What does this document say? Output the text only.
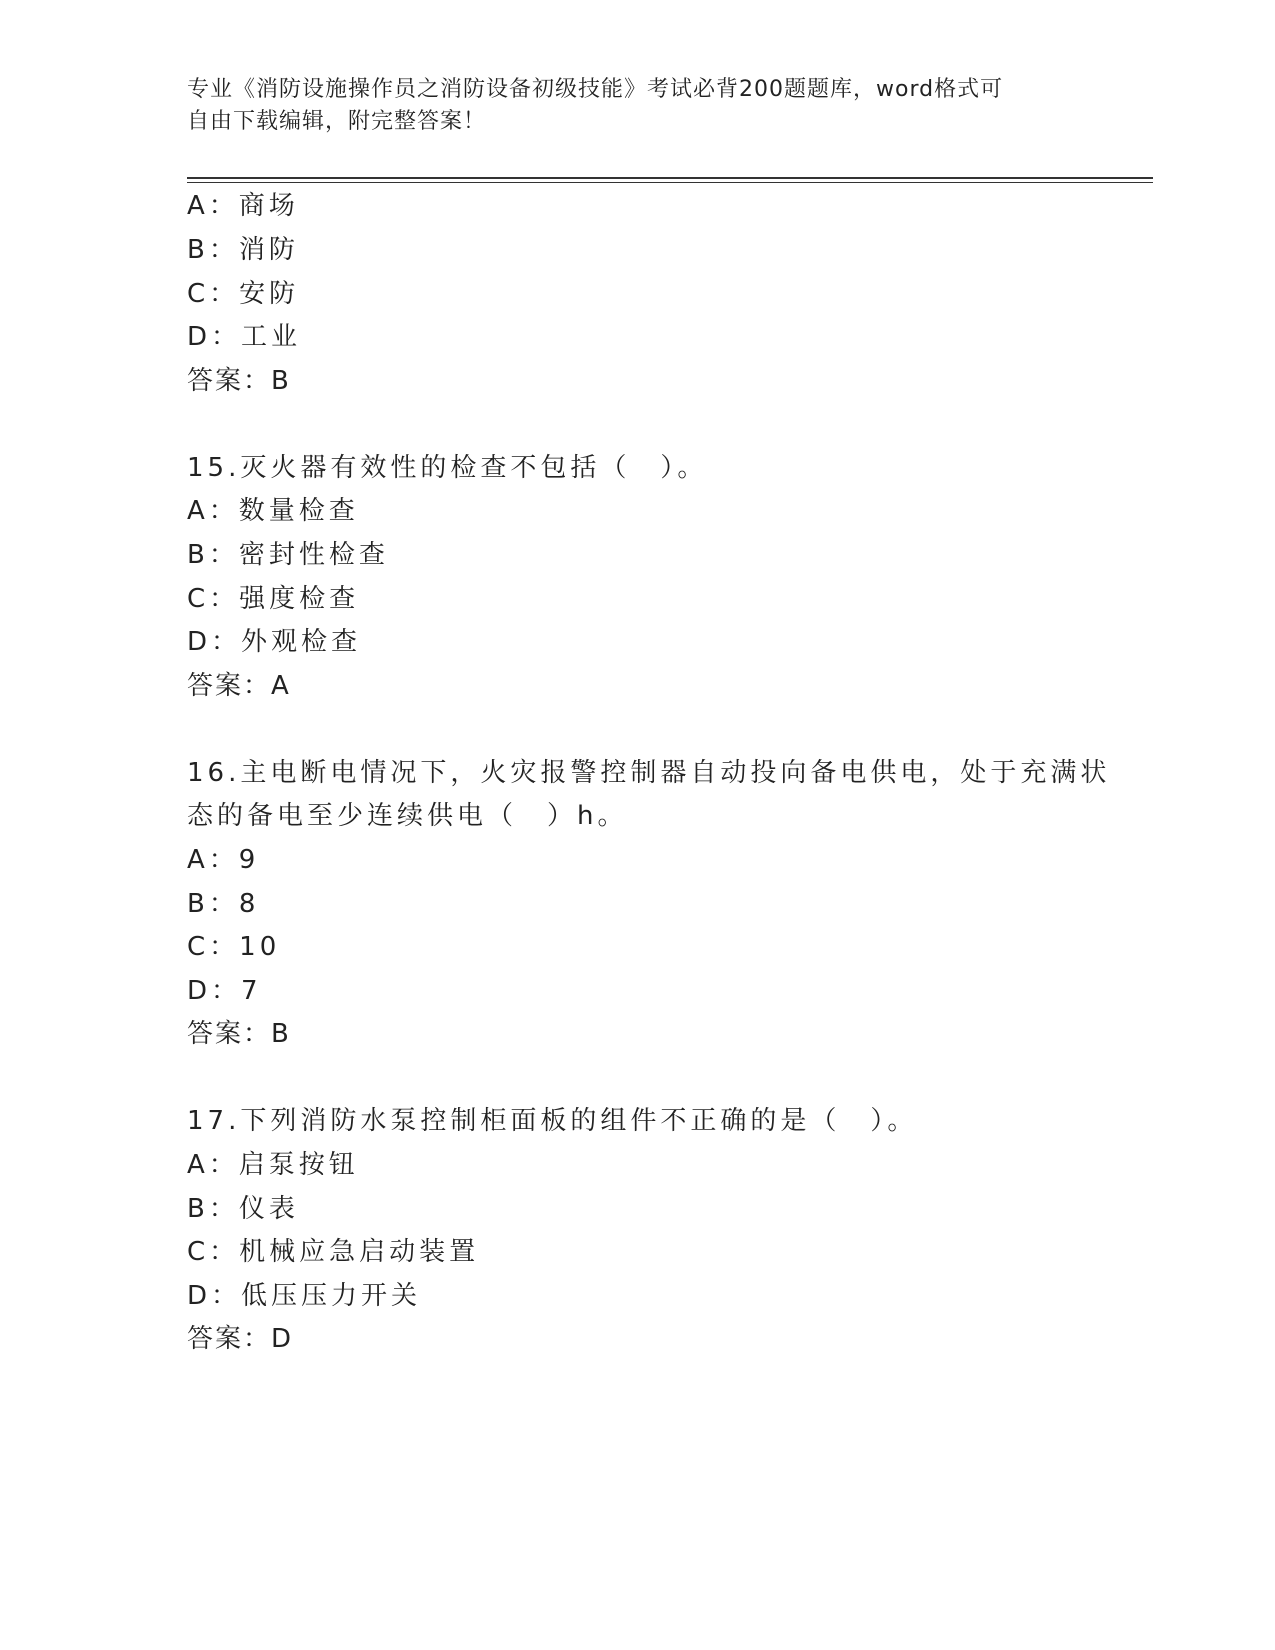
专业《消防设施操作员之消防设备初级技能》考试必背200题题库，word格式可
自由下载编辑，附完整答案！
A：商场
B：消防
C：安防
D：工业
答案：B
15.灭火器有效性的检查不包括（　）。
A：数量检查
B：密封性检查
C：强度检查
D：外观检查
答案：A
16.主电断电情况下，火灾报警控制器自动投向备电供电，处于充满状
态的备电至少连续供电（　）h。
A：9
B：8
C：10
D：7
答案：B
17.下列消防水泵控制柜面板的组件不正确的是（　）。
A：启泵按钮
B：仪表
C：机械应急启动装置
D：低压压力开关
答案：D
